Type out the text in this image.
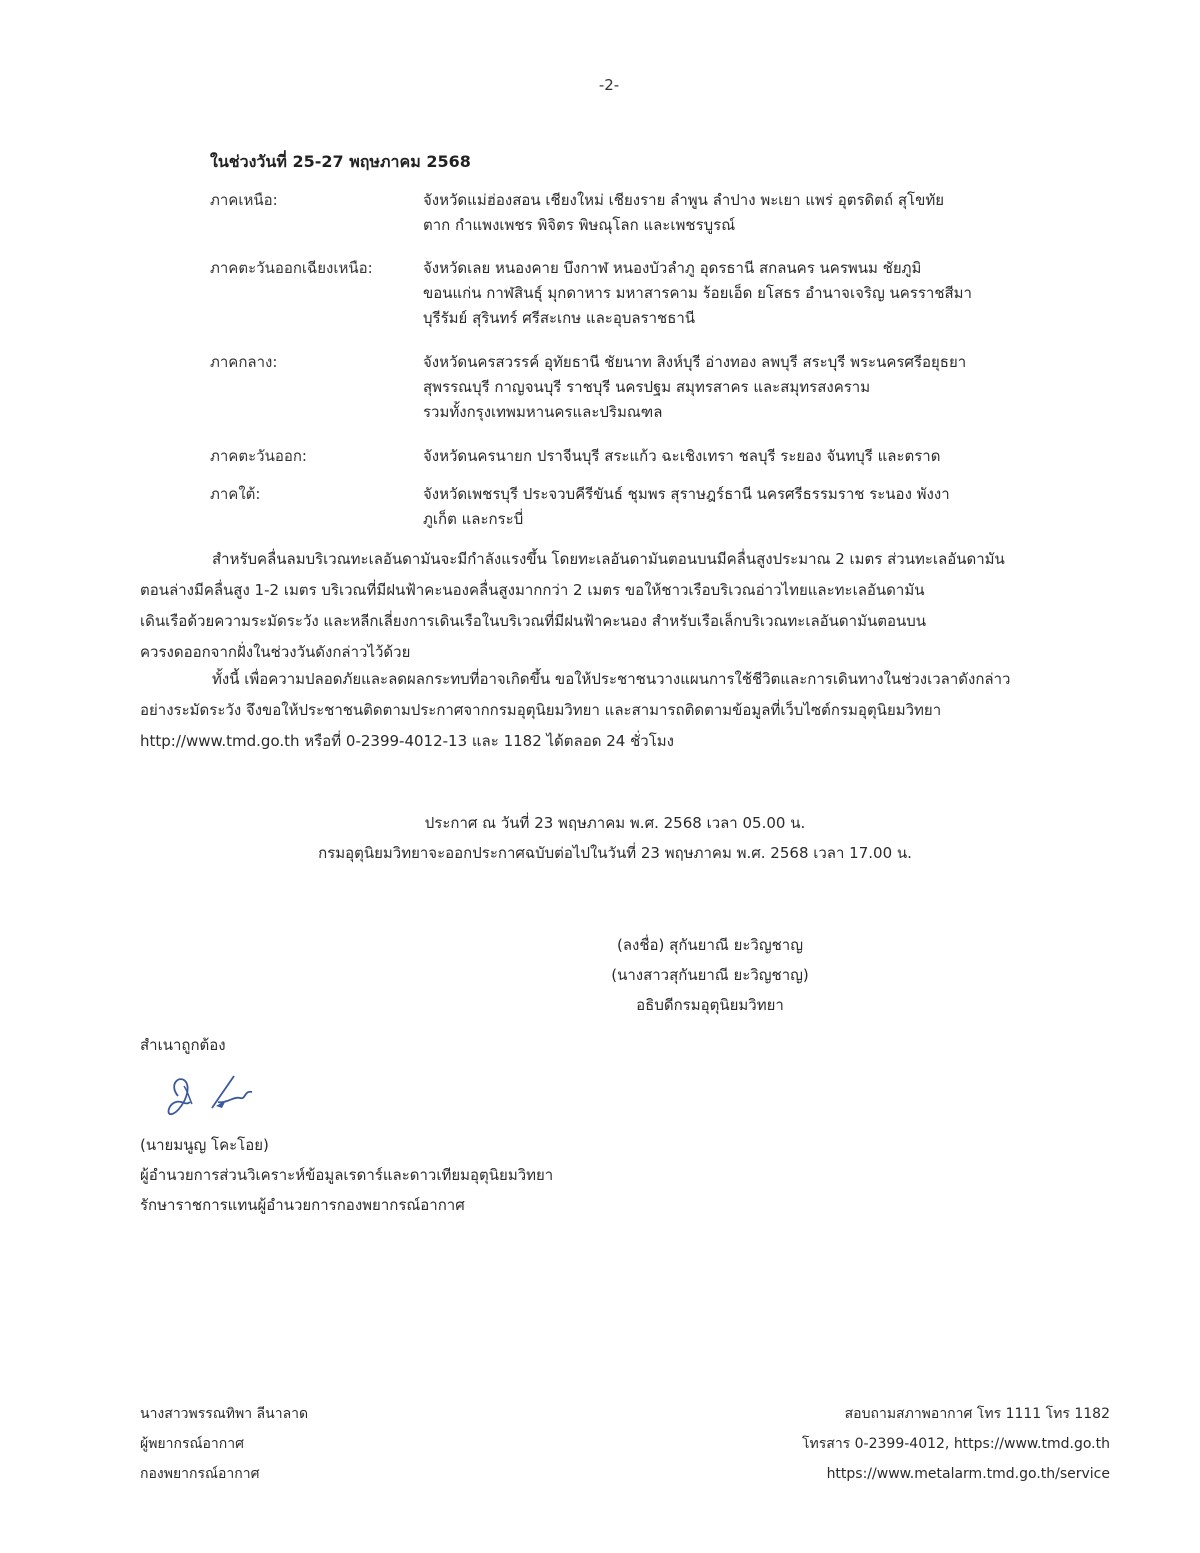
-2-
ในช่วงวันที่ 25-27 พฤษภาคม 2568
ภาคเหนือ:	จังหวัดแม่ฮ่องสอน เชียงใหม่ เชียงราย ลำพูน ลำปาง พะเยา แพร่ อุตรดิตถ์ สุโขทัย
ตาก กำแพงเพชร พิจิตร พิษณุโลก และเพชรบูรณ์
ภาคตะวันออกเฉียงเหนือ:	จังหวัดเลย หนองคาย บึงกาฬ หนองบัวลำภู อุดรธานี สกลนคร นครพนม ชัยภูมิ
ขอนแก่น กาฬสินธุ์ มุกดาหาร มหาสารคาม ร้อยเอ็ด ยโสธร อำนาจเจริญ นครราชสีมา
บุรีรัมย์ สุรินทร์ ศรีสะเกษ และอุบลราชธานี
ภาคกลาง:	จังหวัดนครสวรรค์ อุทัยธานี ชัยนาท สิงห์บุรี อ่างทอง ลพบุรี สระบุรี พระนครศรีอยุธยา
สุพรรณบุรี กาญจนบุรี ราชบุรี นครปฐม สมุทรสาคร และสมุทรสงคราม
รวมทั้งกรุงเทพมหานครและปริมณฑล
ภาคตะวันออก:	จังหวัดนครนายก ปราจีนบุรี สระแก้ว ฉะเชิงเทรา ชลบุรี ระยอง จันทบุรี และตราด
ภาคใต้:	จังหวัดเพชรบุรี ประจวบคีรีขันธ์ ชุมพร สุราษฎร์ธานี นครศรีธรรมราช ระนอง พังงา
ภูเก็ต และกระบี่
สำหรับคลื่นลมบริเวณทะเลอันดามันจะมีกำลังแรงขึ้น โดยทะเลอันดามันตอนบนมีคลื่นสูงประมาณ 2 เมตร ส่วนทะเลอันดามัน
ตอนล่างมีคลื่นสูง 1-2 เมตร บริเวณที่มีฝนฟ้าคะนองคลื่นสูงมากกว่า 2 เมตร ขอให้ชาวเรือบริเวณอ่าวไทยและทะเลอันดามัน
เดินเรือด้วยความระมัดระวัง และหลีกเลี่ยงการเดินเรือในบริเวณที่มีฝนฟ้าคะนอง สำหรับเรือเล็กบริเวณทะเลอันดามันตอนบน
ควรงดออกจากฝั่งในช่วงวันดังกล่าวไว้ด้วย
ทั้งนี้ เพื่อความปลอดภัยและลดผลกระทบที่อาจเกิดขึ้น ขอให้ประชาชนวางแผนการใช้ชีวิตและการเดินทางในช่วงเวลาดังกล่าว
อย่างระมัดระวัง จึงขอให้ประชาชนติดตามประกาศจากกรมอุตุนิยมวิทยา และสามารถติดตามข้อมูลที่เว็บไซต์กรมอุตุนิยมวิทยา
http://www.tmd.go.th หรือที่ 0-2399-4012-13 และ 1182 ได้ตลอด 24 ชั่วโมง
ประกาศ ณ วันที่ 23 พฤษภาคม พ.ศ. 2568 เวลา 05.00 น.
กรมอุตุนิยมวิทยาจะออกประกาศฉบับต่อไปในวันที่ 23 พฤษภาคม พ.ศ. 2568 เวลา 17.00 น.
(ลงชื่อ) สุกันยาณี ยะวิญชาญ
(นางสาวสุกันยาณี ยะวิญชาญ)
อธิบดีกรมอุตุนิยมวิทยา
สำเนาถูกต้อง
(นายมนูญ โคะโอย)
ผู้อำนวยการส่วนวิเคราะห์ข้อมูลเรดาร์และดาวเทียมอุตุนิยมวิทยา
รักษาราชการแทนผู้อำนวยการกองพยากรณ์อากาศ
นางสาวพรรณทิพา ลีนาลาด
ผู้พยากรณ์อากาศ
กองพยากรณ์อากาศ
สอบถามสภาพอากาศ โทร 1111 โทร 1182
โทรสาร 0-2399-4012, https://www.tmd.go.th
https://www.metalarm.tmd.go.th/service
